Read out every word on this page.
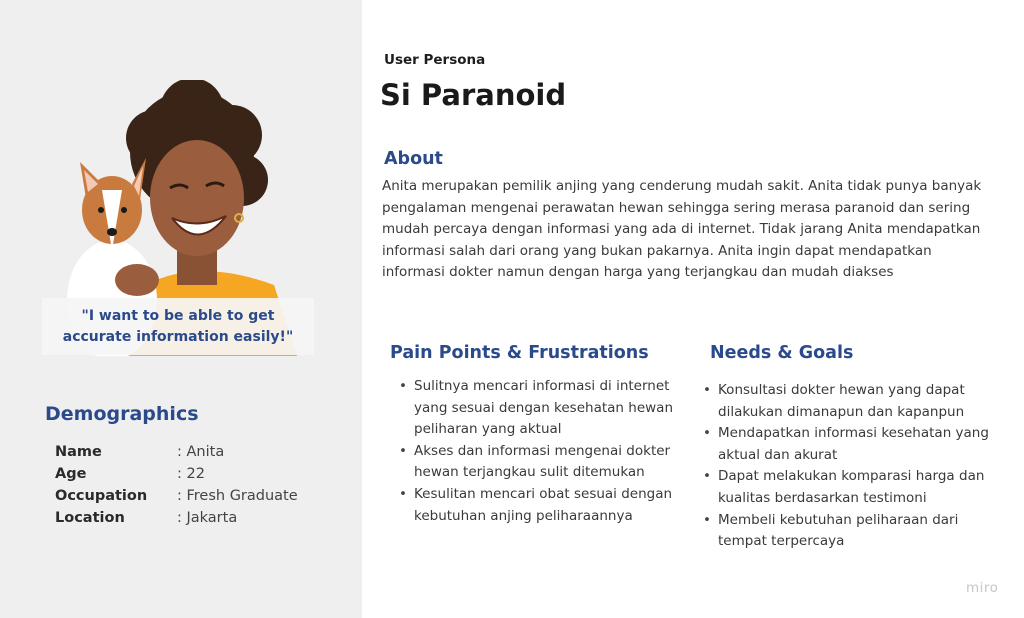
"I want to be able to get accurate information easily!"
Demographics
Name	: Anita
Age	: 22
Occupation	: Fresh Graduate
Location	: Jakarta
User Persona
Si Paranoid
About
Anita merupakan pemilik anjing yang cenderung mudah sakit. Anita tidak punya banyak pengalaman mengenai perawatan hewan sehingga sering merasa paranoid dan sering mudah percaya dengan informasi yang ada di internet. Tidak jarang Anita mendapatkan informasi salah dari orang yang bukan pakarnya. Anita ingin dapat mendapatkan informasi dokter namun dengan harga yang terjangkau dan mudah diakses
Pain Points & Frustrations
• Sulitnya mencari informasi di internet yang sesuai dengan kesehatan hewan peliharan yang aktual
• Akses dan informasi mengenai dokter hewan terjangkau sulit ditemukan
• Kesulitan mencari obat sesuai dengan kebutuhan anjing peliharaannya
Needs & Goals
• Konsultasi dokter hewan yang dapat dilakukan dimanapun dan kapanpun
• Mendapatkan informasi kesehatan yang aktual dan akurat
• Dapat melakukan komparasi harga dan kualitas berdasarkan testimoni
• Membeli kebutuhan peliharaan dari tempat terpercaya
miro
